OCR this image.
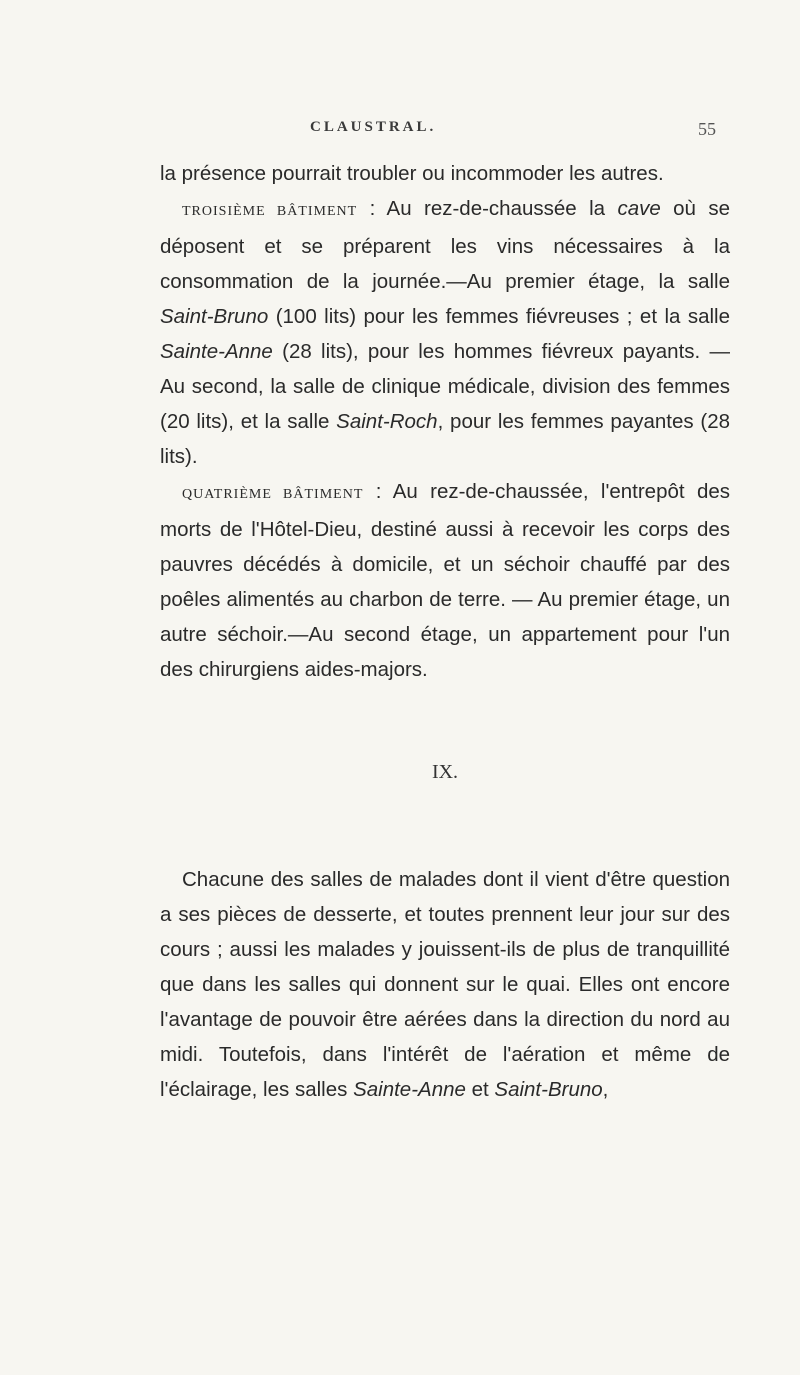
CLAUSTRAL.	55

la présence pourrait troubler ou incommoder les autres.

TROISIÈME BÂTIMENT : Au rez-de-chaussée la cave où se déposent et se préparent les vins nécessaires à la consommation de la journée.—Au premier étage, la salle Saint-Bruno (100 lits) pour les femmes fiévreuses ; et la salle Sainte-Anne (28 lits), pour les hommes fiévreux payants. — Au second, la salle de clinique médicale, division des femmes (20 lits), et la salle Saint-Roch, pour les femmes payantes (28 lits).

QUATRIÈME BÂTIMENT : Au rez-de-chaussée, l'entrepôt des morts de l'Hôtel-Dieu, destiné aussi à recevoir les corps des pauvres décédés à domicile, et un séchoir chauffé par des poêles alimentés au charbon de terre. — Au premier étage, un autre séchoir.—Au second étage, un appartement pour l'un des chirurgiens aides-majors.

IX.

Chacune des salles de malades dont il vient d'être question a ses pièces de desserte, et toutes prennent leur jour sur des cours ; aussi les malades y jouissent-ils de plus de tranquillité que dans les salles qui donnent sur le quai. Elles ont encore l'avantage de pouvoir être aérées dans la direction du nord au midi. Toutefois, dans l'intérêt de l'aération et même de l'éclairage, les salles Sainte-Anne et Saint-Bruno,
